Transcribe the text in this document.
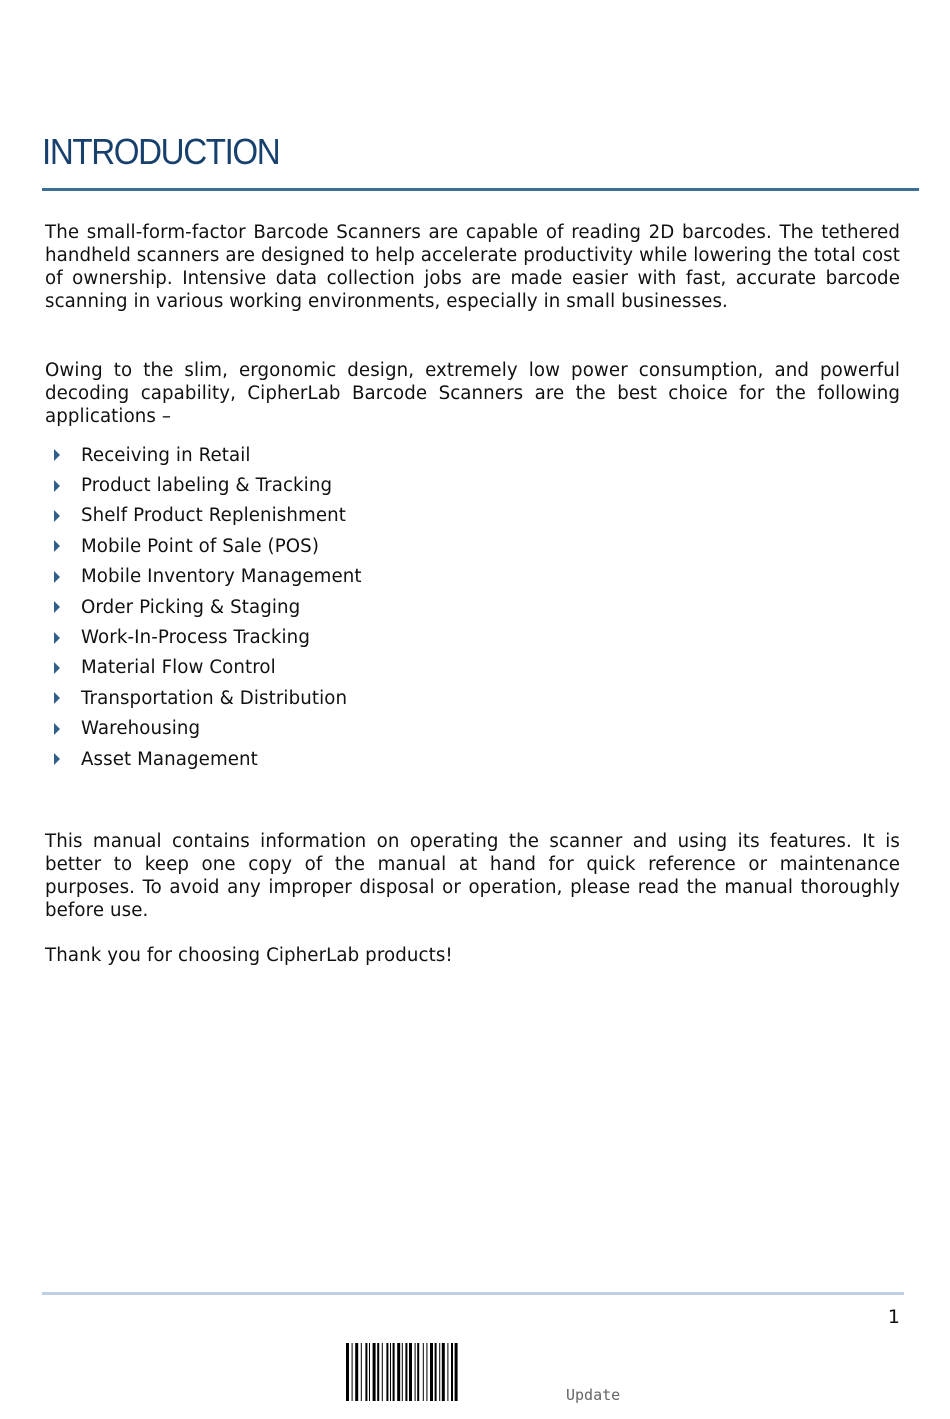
INTRODUCTION

The small-form-factor Barcode Scanners are capable of reading 2D barcodes. The tethered handheld scanners are designed to help accelerate productivity while lowering the total cost of ownership. Intensive data collection jobs are made easier with fast, accurate barcode scanning in various working environments, especially in small businesses.

Owing to the slim, ergonomic design, extremely low power consumption, and powerful decoding capability, CipherLab Barcode Scanners are the best choice for the following applications –

Receiving in Retail
Product labeling & Tracking
Shelf Product Replenishment
Mobile Point of Sale (POS)
Mobile Inventory Management
Order Picking & Staging
Work-In-Process Tracking
Material Flow Control
Transportation & Distribution
Warehousing
Asset Management

This manual contains information on operating the scanner and using its features. It is better to keep one copy of the manual at hand for quick reference or maintenance purposes. To avoid any improper disposal or operation, please read the manual thoroughly before use.

Thank you for choosing CipherLab products!

1
Update
